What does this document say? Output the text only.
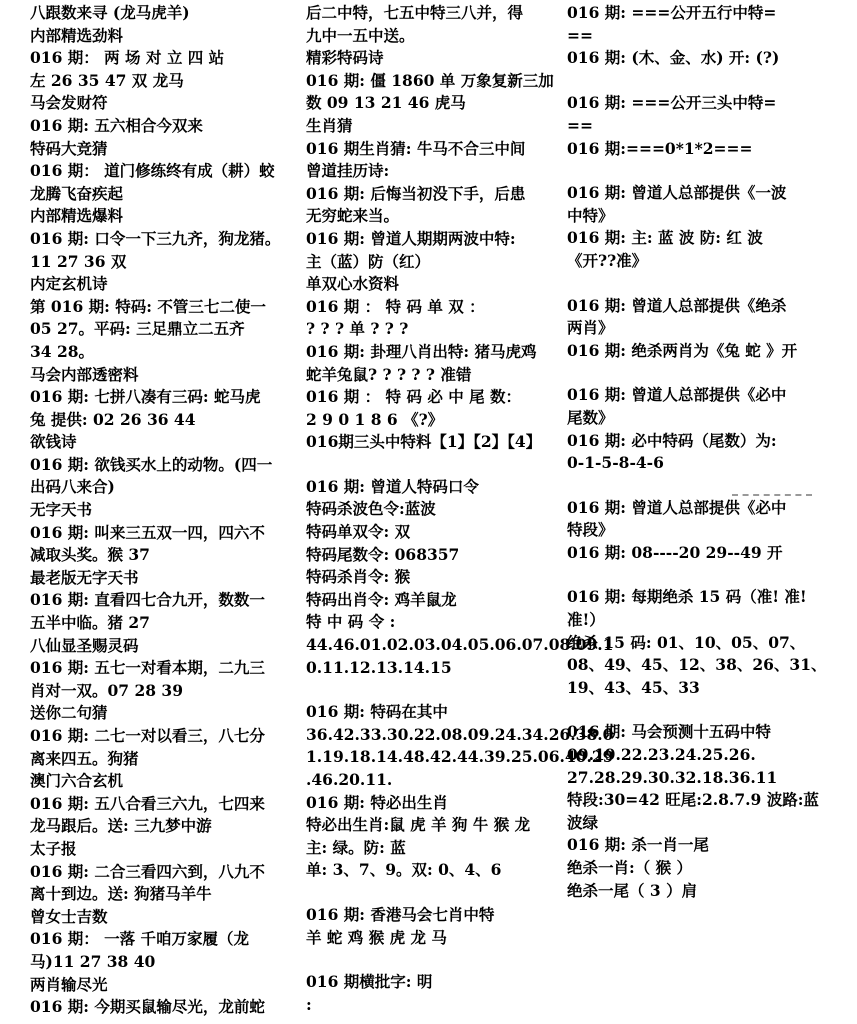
八跟数来寻 (龙马虎羊)
内部精选劲料
016 期： 两 场 对 立 四 站
左 26 35 47 双 龙马
马会发财符
016 期: 五六相合今双来
特码大竞猜
016 期： 道门修练终有成（耕）蛟
龙腾飞奋疾起
内部精选爆料
016 期: 口令一下三九齐，狗龙猪。
11 27 36 双
内定玄机诗
第 016 期: 特码: 不管三七二使一
05 27。平码: 三足鼎立二五齐
34 28。
马会内部透密料
016 期: 七拼八凑有三码: 蛇马虎
兔 提供: 02 26 36 44
欲钱诗
016 期: 欲钱买水上的动物。(四一
出码八来合)
无字天书
016 期: 叫来三五双一四，四六不
减取头奖。猴 37
最老版无字天书
016 期: 直看四七合九开，数数一
五半中临。猪 27
八仙显圣赐灵码
016 期: 五七一对看本期，二九三
肖对一双。07 28 39
送你二句猜
016 期: 二七一对以看三，八七分
离来四五。狗猪
澳门六合玄机
016 期: 五八合看三六九，七四来
龙马跟后。送: 三九梦中游
太子报
016 期: 二合三看四六到，八九不
离十到边。送: 狗猪马羊牛
曾女士吉数
016 期： 一落 千咱万家履（龙
马)11 27 38 40
两肖输尽光
016 期: 今期买鼠输尽光，龙前蛇
后二中特，七五中特三八并，得
九中一五中送。
精彩特码诗
016 期: 僵 1860 单 万象复新三加
数 09 13 21 46 虎马
生肖猜
016 期生肖猜: 牛马不合三中间
曾道挂历诗:
016 期: 后悔当初没下手，后患
无穷蛇来当。
016 期: 曾道人期期两波中特:
主（蓝）防（红）
单双心水资料
016 期 ： 特 码 单 双 ：
? ? ? 单 ? ? ?
016 期: 卦理八肖出特: 猪马虎鸡
蛇羊兔鼠? ? ? ? ? 准错
016 期 ： 特 码 必 中 尾 数：
2 9 0 1 8 6 《?》
016期三头中特料【1】【2】【4】
016 期: 曾道人特码口令
特码杀波色令:蓝波
特码单双令: 双
特码尾数令: 068357
特码杀肖令: 猴
特码出肖令: 鸡羊鼠龙
特 中 码 令 :
44.46.01.02.03.04.05.06.07.08.09.1
0.11.12.13.14.15
016 期: 特码在其中
36.42.33.30.22.08.09.24.34.26.38.0
1.19.18.14.48.42.44.39.25.06.40.29
.46.20.11.
016 期: 特必出生肖
特必出生肖:鼠 虎 羊 狗 牛 猴 龙
主: 绿。防: 蓝
单: 3、7、9。双: 0、4、6
016 期: 香港马会七肖中特
羊 蛇 鸡 猴 虎 龙 马
016 期横批字: 明
:
016 期: ===公开五行中特=
==
016 期: (木、金、水) 开: (?)
016 期: ===公开三头中特=
==
016 期:===0*1*2===
016 期: 曾道人总部提供《一波
中特》
016 期: 主: 蓝 波 防: 红 波
《开??准》
016 期: 曾道人总部提供《绝杀
两肖》
016 期: 绝杀两肖为《兔 蛇 》开
016 期: 曾道人总部提供《必中
尾数》
016 期: 必中特码（尾数）为:
0-1-5-8-4-6
016 期: 曾道人总部提供《必中
特段》
016 期: 08----20 29--49 开
016 期: 每期绝杀 15 码（准! 准!
准!）
绝杀 15 码: 01、10、05、07、
08、49、45、12、38、26、31、
19、43、45、33
016 期: 马会预测十五码中特
09.19.22.23.24.25.26.
27.28.29.30.32.18.36.11
特段:30=42 旺尾:2.8.7.9 波路:蓝
波绿
016 期: 杀一肖一尾
绝杀一肖:（ 猴 ）
绝杀一尾（ 3 ）肩
